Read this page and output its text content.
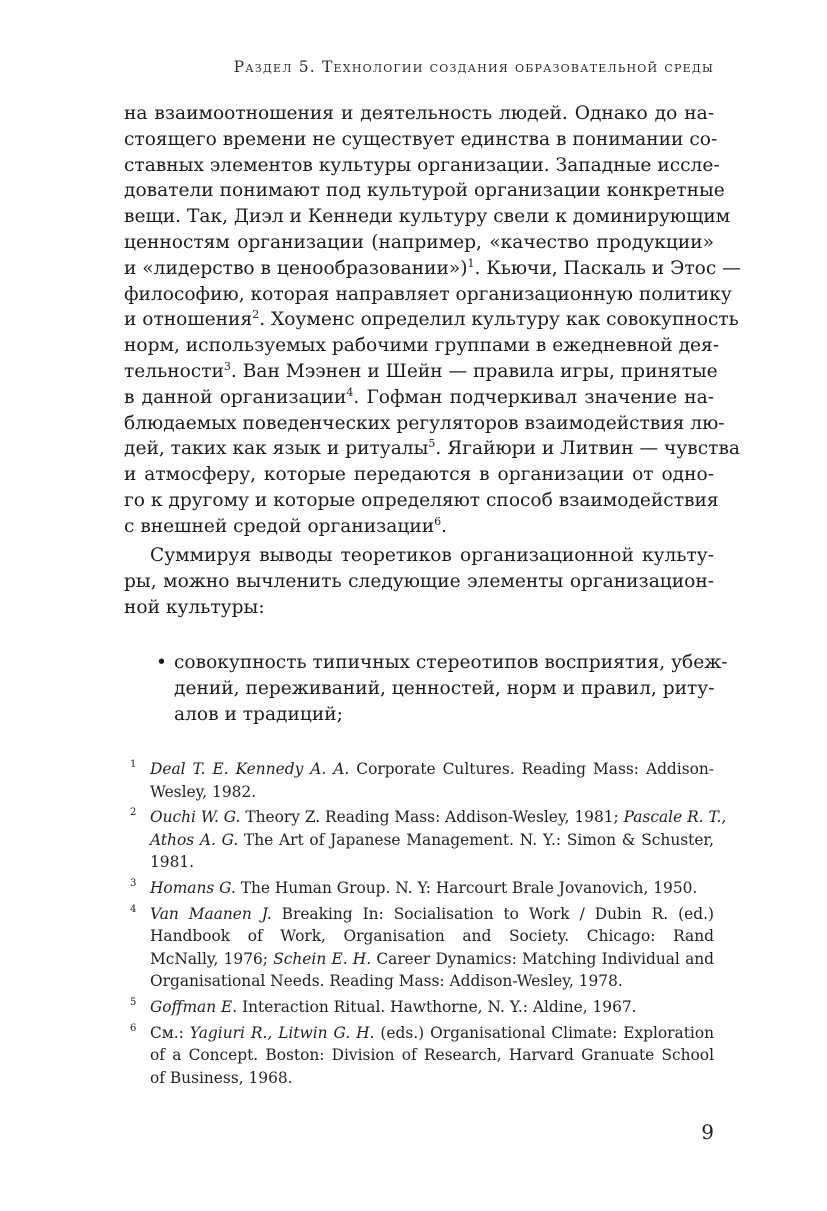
Раздел 5. Технологии создания образовательной среды
на взаимоотношения и деятельность людей. Однако до на-
стоящего времени не существует единства в понимании со-
ставных элементов культуры организации. Западные иссле-
дователи понимают под культурой организации конкретные
вещи. Так, Диэл и Кеннеди культуру свели к доминирующим
ценностям организации (например, «качество продукции»
и «лидерство в ценообразовании»)$^1$. Кьючи, Паскаль и Этос —
философию, которая направляет организационную политику
и отношения$^2$. Хоуменс определил культуру как совокупность
норм, используемых рабочими группами в ежедневной дея-
тельности$^3$. Ван Мээнен и Шейн — правила игры, принятые
в данной организации$^4$. Гофман подчеркивал значение на-
блюдаемых поведенческих регуляторов взаимодействия лю-
дей, таких как язык и ритуалы$^5$. Ягайюри и Литвин — чувства
и атмосферу, которые передаются в организации от одно-
го к другому и которые определяют способ взаимодействия
с внешней средой организации$^6$.
Суммируя выводы теоретиков организационной культу-
ры, можно вычленить следующие элементы организацион-
ной культуры:
• совокупность типичных стереотипов восприятия, убеж-
дений, переживаний, ценностей, норм и правил, риту-
алов и традиций;
1 Deal T. E. Kennedy A. A. Corporate Cultures. Reading Mass: Addison-
Wesley, 1982.
2 Ouchi W. G. Theory Z. Reading Mass: Addison-Wesley, 1981; Pascale R. T.,
Athos A. G. The Art of Japanese Management. N. Y.: Simon & Schuster,
1981.
3 Homans G. The Human Group. N. Y: Harcourt Brale Jovanovich, 1950.
4 Van Maanen J. Breaking In: Socialisation to Work / Dubin R. (ed.)
Handbook of Work, Organisation and Society. Chicago: Rand
McNally, 1976; Schein E. H. Career Dynamics: Matching Individual and
Organisational Needs. Reading Mass: Addison-Wesley, 1978.
5 Goffman E. Interaction Ritual. Hawthorne, N. Y.: Aldine, 1967.
6 См.: Yagiuri R., Litwin G. H. (eds.) Organisational Climate: Exploration
of a Concept. Boston: Division of Research, Harvard Granuate School
of Business, 1968.
9
